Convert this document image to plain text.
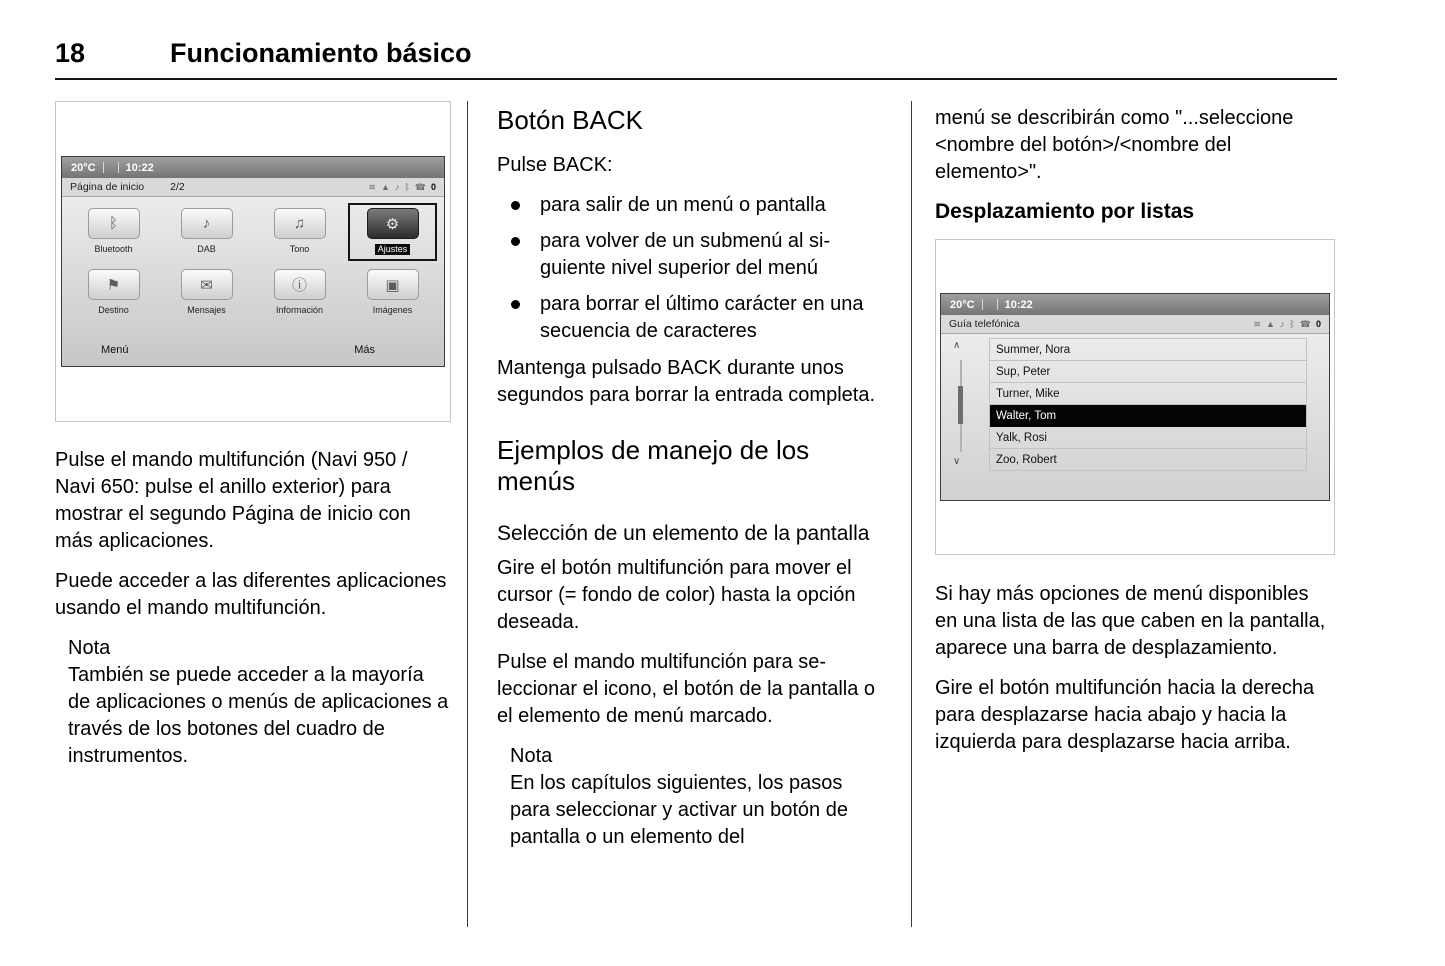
18	Funcionamiento básico
20°C	10:22
Página de inicio 2/2	≋ ▲ ♪ ᛒ ☎ 0
ᛒ
Bluetooth
♪
DAB
♫
Tono
⚙
Ajustes
⚑
Destino
✉
Mensajes
ⓘ
Información
▣
Imágenes
Menú	Más

Pulse el mando multifunción (Navi 950 / Navi 650: pulse el anillo exterior) para mostrar el segundo Página de inicio con más aplicaciones.

Puede acceder a las diferentes aplicaciones usando el mando multifunción.

Nota

También se puede acceder a la mayoría de aplicaciones o menús de aplicaciones a través de los botones del cuadro de instrumentos.

Botón BACK

Pulse BACK:

para salir de un menú o pantalla
para volver de un submenú al siguiente nivel superior del menú
para borrar el último carácter en una secuencia de caracteres

Mantenga pulsado BACK durante unos segundos para borrar la entrada completa.

Ejemplos de manejo de los menús
Selección de un elemento de la pantalla

Gire el botón multifunción para mover el cursor (= fondo de color) hasta la opción deseada.

Pulse el mando multifunción para seleccionar el icono, el botón de la pantalla o el elemento de menú marcado.

Nota

En los capítulos siguientes, los pasos para seleccionar y activar un botón de pantalla o un elemento del

menú se describirán como "...seleccione <nombre del botón>/<nombre del elemento>".

Desplazamiento por listas
20°C	10:22
Guía telefónica	≋ ▲ ♪ ᛒ ☎ 0
∧
∨
Summer, Nora
Sup, Peter
Turner, Mike
Walter, Tom
Yalk, Rosi
Zoo, Robert

Si hay más opciones de menú disponibles en una lista de las que caben en la pantalla, aparece una barra de desplazamiento.

Gire el botón multifunción hacia la derecha para desplazarse hacia abajo y hacia la izquierda para desplazarse hacia arriba.
